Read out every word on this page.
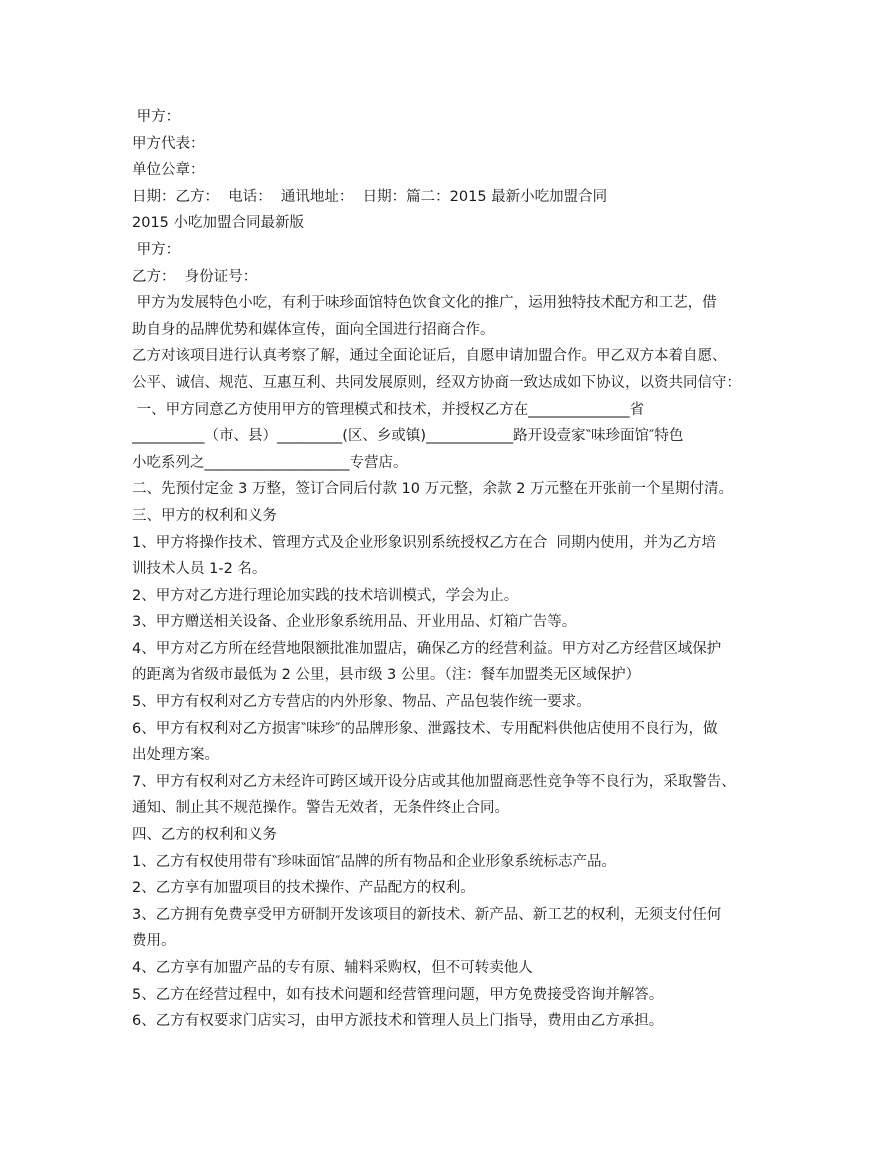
甲方：
甲方代表：
单位公章：
日期：乙方：  电话：  通讯地址：  日期：篇二：2015 最新小吃加盟合同
2015 小吃加盟合同最新版
甲方：
乙方：  身份证号：
甲方为发展特色小吃，有利于味珍面馆特色饮食文化的推广，运用独特技术配方和工艺，借
助自身的品牌优势和媒体宣传，面向全国进行招商合作。
乙方对该项目进行认真考察了解，通过全面论证后，自愿申请加盟合作。甲乙双方本着自愿、
公平、诚信、规范、互惠互利、共同发展原则，经双方协商一致达成如下协议，以资共同信守：
一、甲方同意乙方使用甲方的管理模式和技术，并授权乙方在______________省
__________（市、县）_________(区、乡或镇)____________路开设壹家‶味珍面馆″特色
小吃系列之____________________专营店。
二、先预付定金 3 万整，签订合同后付款 10 万元整，余款 2 万元整在开张前一个星期付清。
三、甲方的权利和义务
1、甲方将操作技术、管理方式及企业形象识别系统授权乙方在合  同期内使用，并为乙方培
训技术人员 1-2 名。
2、甲方对乙方进行理论加实践的技术培训模式，学会为止。
3、甲方赠送相关设备、企业形象系统用品、开业用品、灯箱广告等。
4、甲方对乙方所在经营地限额批准加盟店，确保乙方的经营利益。甲方对乙方经营区域保护
的距离为省级市最低为 2 公里，县市级 3 公里。（注：餐车加盟类无区域保护）
5、甲方有权利对乙方专营店的内外形象、物品、产品包装作统一要求。
6、甲方有权利对乙方损害‶味珍″的品牌形象、泄露技术、专用配料供他店使用不良行为，做
出处理方案。
7、甲方有权利对乙方未经许可跨区域开设分店或其他加盟商恶性竞争等不良行为，采取警告、
通知、制止其不规范操作。警告无效者，无条件终止合同。
四、乙方的权利和义务
1、乙方有权使用带有‶珍味面馆″品牌的所有物品和企业形象系统标志产品。
2、乙方享有加盟项目的技术操作、产品配方的权利。
3、乙方拥有免费享受甲方研制开发该项目的新技术、新产品、新工艺的权利，无须支付任何
费用。
4、乙方享有加盟产品的专有原、辅料采购权，但不可转卖他人
5、乙方在经营过程中，如有技术问题和经营管理问题，甲方免费接受咨询并解答。
6、乙方有权要求门店实习，由甲方派技术和管理人员上门指导，费用由乙方承担。
